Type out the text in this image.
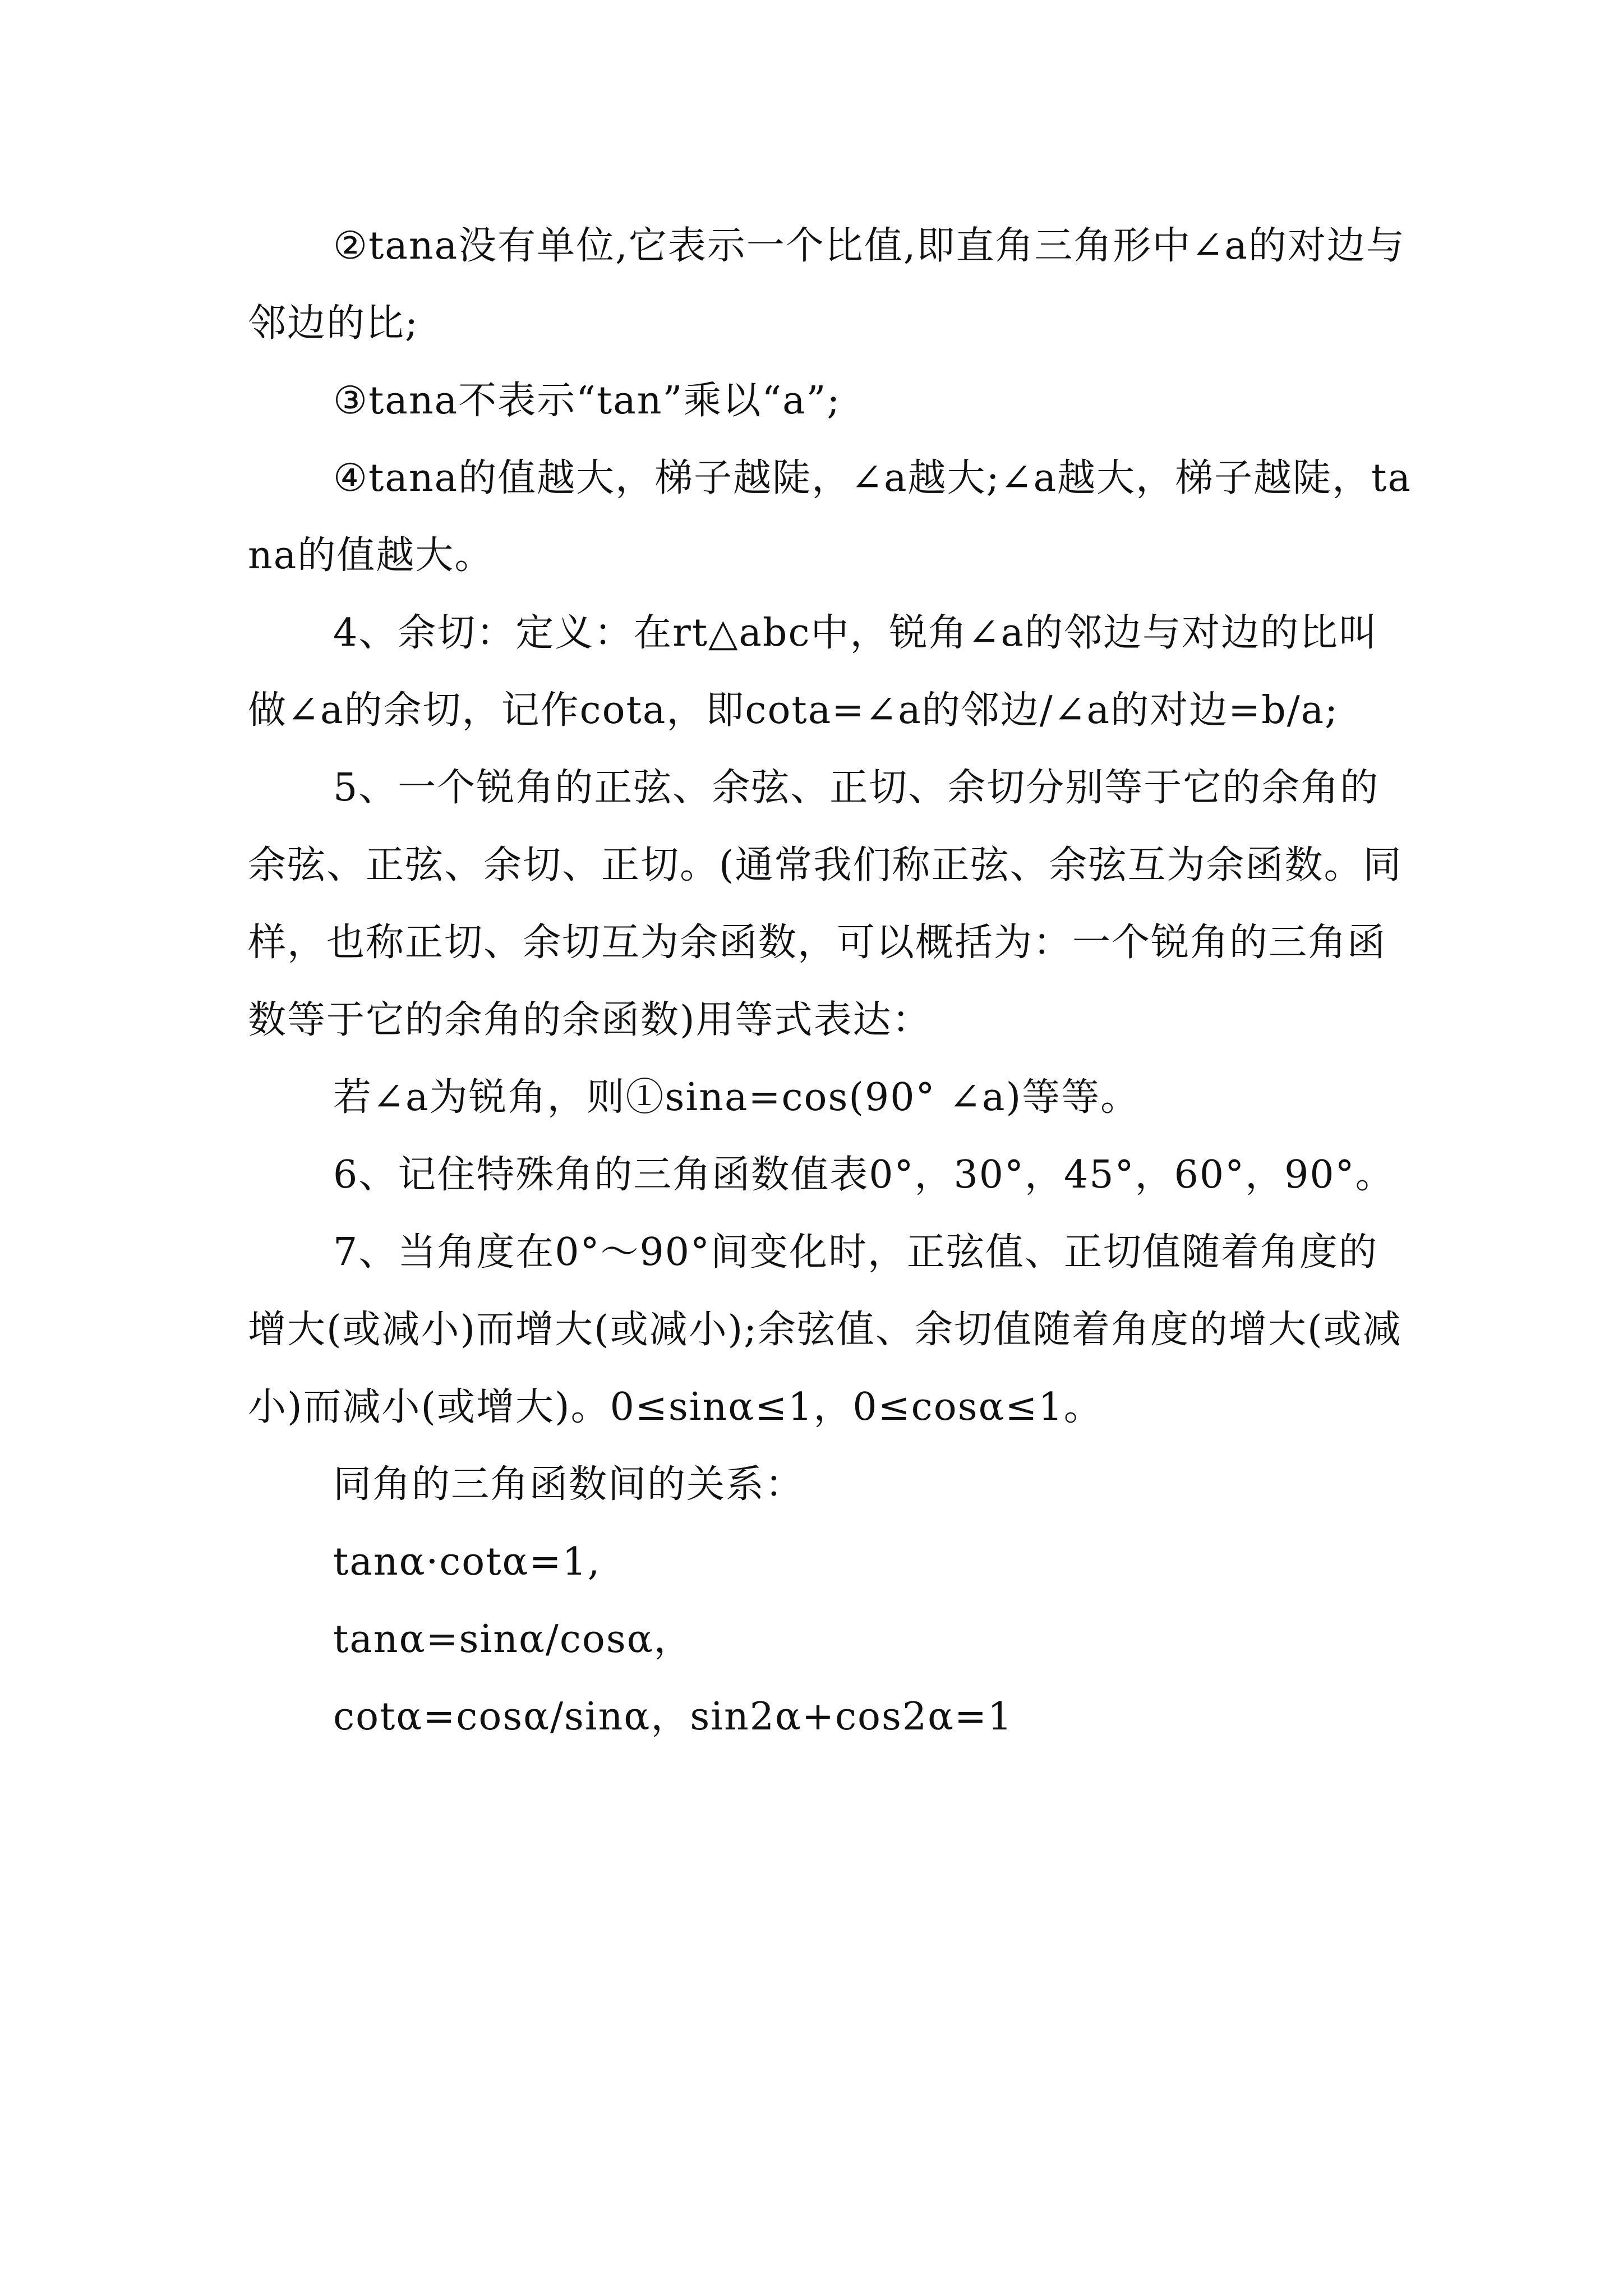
②tana没有单位,它表示一个比值,即直角三角形中∠a的对边与邻边的比;

③tana不表示“tan”乘以“a”;

④tana的值越大，梯子越陡，∠a越大;∠a越大，梯子越陡，tana的值越大。

4、余切：定义：在rt△abc中，锐角∠a的邻边与对边的比叫做∠a的余切，记作cota，即cota=∠a的邻边/∠a的对边=b/a;

5、一个锐角的正弦、余弦、正切、余切分别等于它的余角的余弦、正弦、余切、正切。(通常我们称正弦、余弦互为余函数。同样，也称正切、余切互为余函数，可以概括为：一个锐角的三角函数等于它的余角的余函数)用等式表达：

若∠a为锐角，则①sina=cos(90° ∠a)等等。

6、记住特殊角的三角函数值表0°，30°，45°，60°，90°。

7、当角度在0°～90°间变化时，正弦值、正切值随着角度的增大(或减小)而增大(或减小);余弦值、余切值随着角度的增大(或减小)而减小(或增大)。0≤sinα≤1，0≤cosα≤1。

同角的三角函数间的关系：

tanα·cotα=1,

tanα=sinα/cosα，

cotα=cosα/sinα，sin2α+cos2α=1
